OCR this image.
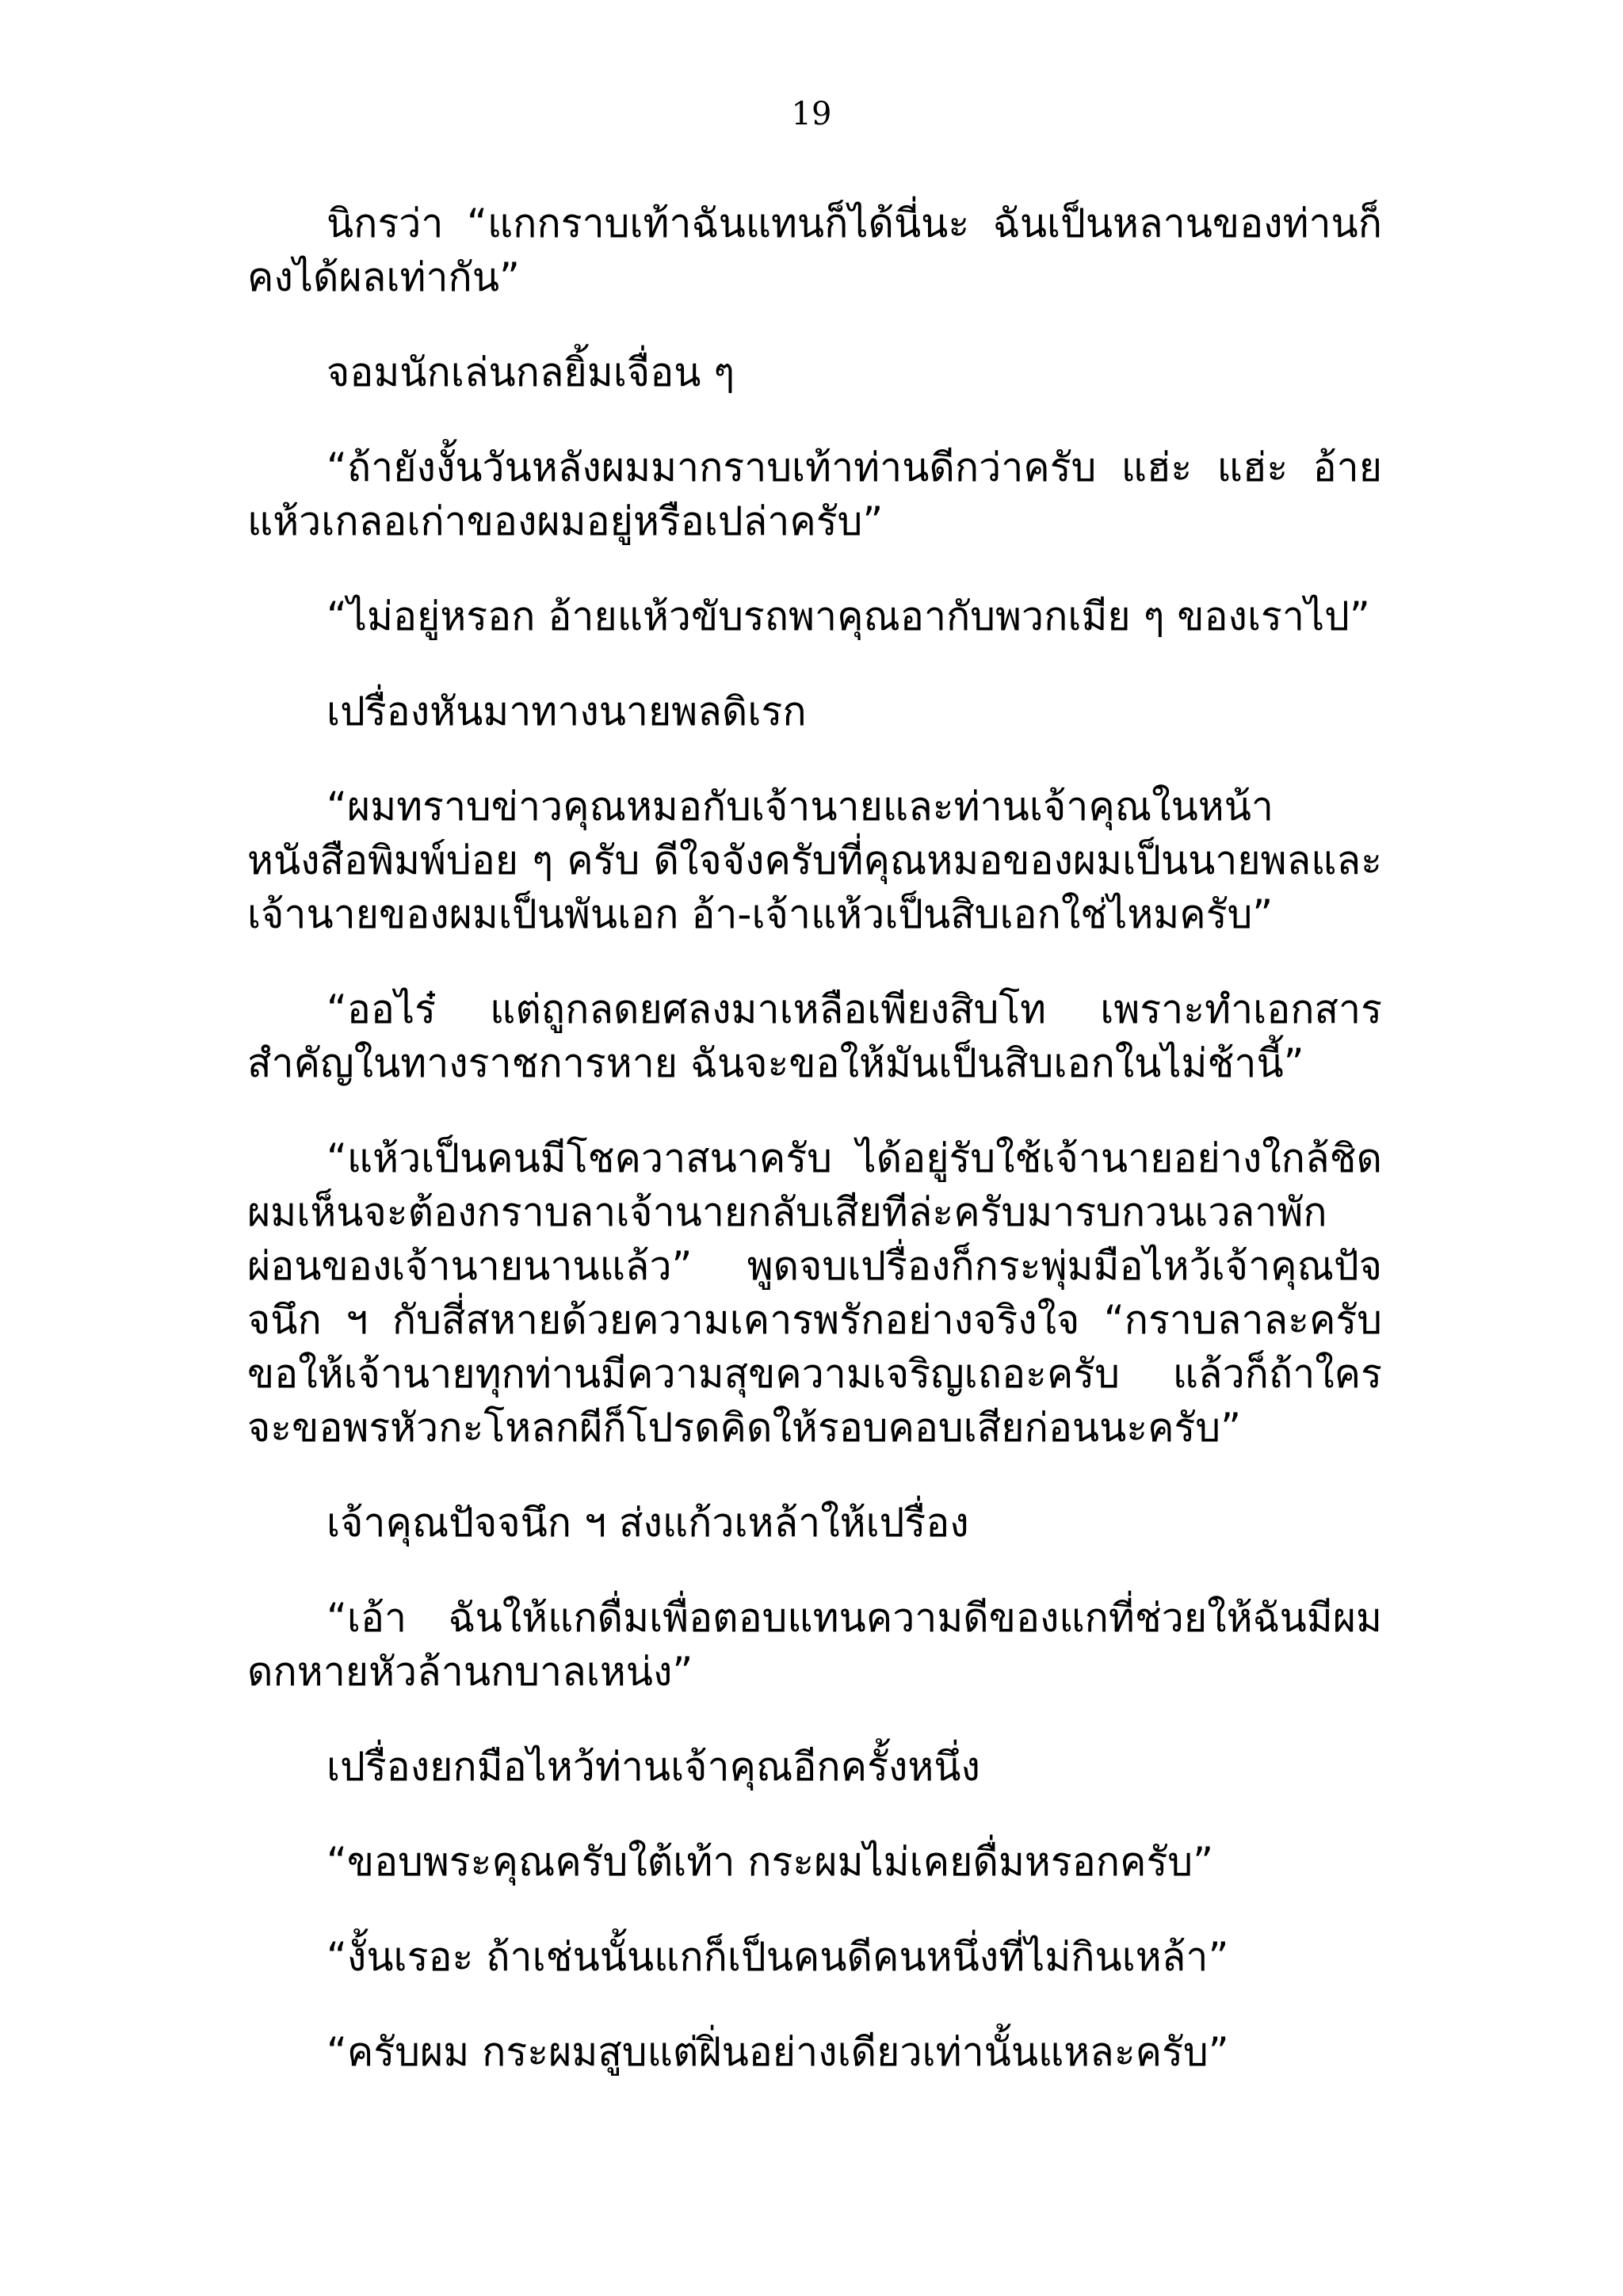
19

นิกรว่า “แกกราบเท้าฉันแทนก็ได้นี่นะ ฉันเป็นหลานของท่านก็คงได้ผลเท่ากัน”

จอมนักเล่นกลยิ้มเจื่อน ๆ

“ถ้ายังงั้นวันหลังผมมากราบเท้าท่านดีกว่าครับ แฮ่ะ แฮ่ะ อ้ายแห้วเกลอเก่าของผมอยู่หรือเปล่าครับ”

“ไม่อยู่หรอก อ้ายแห้วขับรถพาคุณอากับพวกเมีย ๆ ของเราไป”

เปรื่องหันมาทางนายพลดิเรก

“ผมทราบข่าวคุณหมอกับเจ้านายและท่านเจ้าคุณในหน้าหนังสือพิมพ์บ่อย ๆ ครับ ดีใจจังครับที่คุณหมอของผมเป็นนายพลและเจ้านายของผมเป็นพันเอก อ้า-เจ้าแห้วเป็นสิบเอกใช่ไหมครับ”

“ออไร๋ แต่ถูกลดยศลงมาเหลือเพียงสิบโท เพราะทำเอกสารสำคัญในทางราชการหาย ฉันจะขอให้มันเป็นสิบเอกในไม่ช้านี้”

“แห้วเป็นคนมีโชควาสนาครับ ได้อยู่รับใช้เจ้านายอย่างใกล้ชิด ผมเห็นจะต้องกราบลาเจ้านายกลับเสียทีล่ะครับมารบกวนเวลาพักผ่อนของเจ้านายนานแล้ว” พูดจบเปรื่องก็กระพุ่มมือไหว้เจ้าคุณปัจจนึก ฯ กับสี่สหายด้วยความเคารพรักอย่างจริงใจ “กราบลาละครับ ขอให้เจ้านายทุกท่านมีความสุขความเจริญเถอะครับ แล้วก็ถ้าใครจะขอพรหัวกะโหลกผีก็โปรดคิดให้รอบคอบเสียก่อนนะครับ”

เจ้าคุณปัจจนึก ฯ ส่งแก้วเหล้าให้เปรื่อง

“เอ้า ฉันให้แกดื่มเพื่อตอบแทนความดีของแกที่ช่วยให้ฉันมีผมดกหายหัวล้านกบาลเหน่ง”

เปรื่องยกมือไหว้ท่านเจ้าคุณอีกครั้งหนึ่ง

“ขอบพระคุณครับใต้เท้า กระผมไม่เคยดื่มหรอกครับ”

“งั้นเรอะ ถ้าเช่นนั้นแกก็เป็นคนดีคนหนึ่งที่ไม่กินเหล้า”

“ครับผม กระผมสูบแต่ฝิ่นอย่างเดียวเท่านั้นแหละครับ”
